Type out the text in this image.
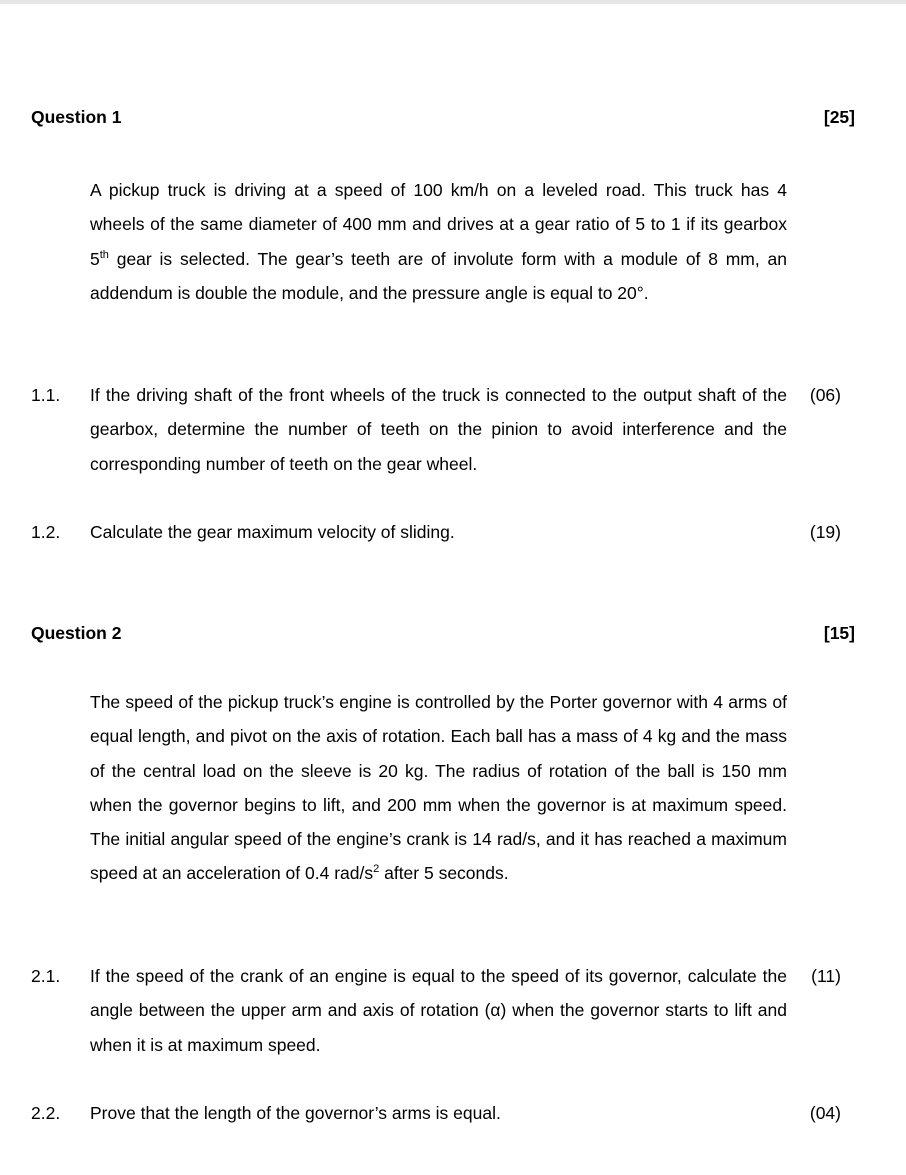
Question 1	[25]

A pickup truck is driving at a speed of 100 km/h on a leveled road. This truck has 4 wheels of the same diameter of 400 mm and drives at a gear ratio of 5 to 1 if its gearbox 5th gear is selected. The gear’s teeth are of involute form with a module of 8 mm, an addendum is double the module, and the pressure angle is equal to 20°.

1.1. If the driving shaft of the front wheels of the truck is connected to the output shaft of the gearbox, determine the number of teeth on the pinion to avoid interference and the corresponding number of teeth on the gear wheel.
(06)
1.2. Calculate the gear maximum velocity of sliding.	(19)
Question 2	[15]

The speed of the pickup truck’s engine is controlled by the Porter governor with 4 arms of equal length, and pivot on the axis of rotation. Each ball has a mass of 4 kg and the mass of the central load on the sleeve is 20 kg. The radius of rotation of the ball is 150 mm when the governor begins to lift, and 200 mm when the governor is at maximum speed. The initial angular speed of the engine’s crank is 14 rad/s, and it has reached a maximum speed at an acceleration of 0.4 rad/$s^2$ after 5 seconds.

2.1. If the speed of the crank of an engine is equal to the speed of its governor, calculate the angle between the upper arm and axis of rotation (α) when the governor starts to lift and when it is at maximum speed.
(11)
2.2. Prove that the length of the governor’s arms is equal.	(04)
